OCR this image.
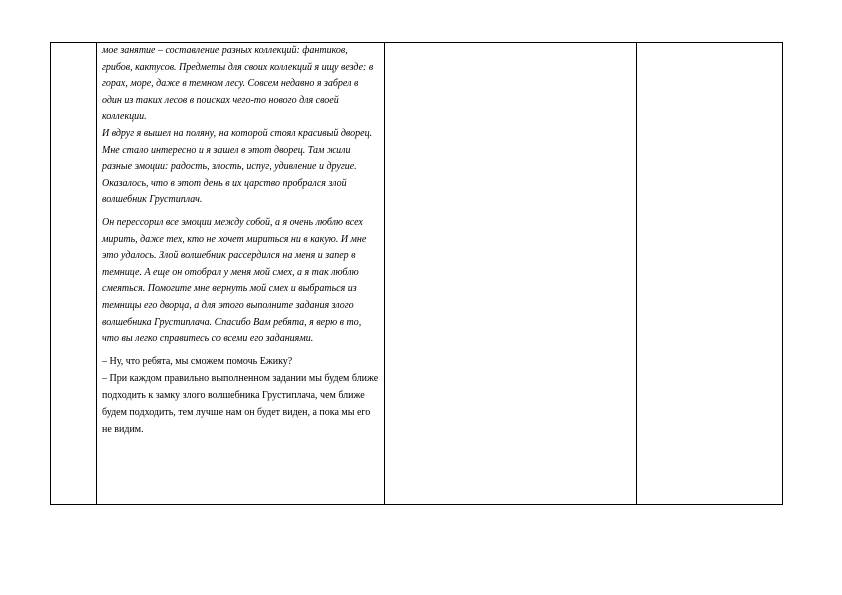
мое занятие – составление разных коллекций: фантиков, грибов, кактусов. Предметы для своих коллекций я ищу везде: в горах, море, даже в темном лесу. Совсем недавно я забрел в один из таких лесов в поисках чего-то нового для своей коллекции.

И вдруг я вышел на поляну, на которой стоял красивый дворец. Мне стало интересно и я зашел в этот дворец. Там жили разные эмоции: радость, злость, испуг, удивление и другие.

Оказалось, что в этот день в их царство пробрался злой волшебник Грустиплач.

Он перессорил все эмоции между собой, а я очень люблю всех мирить, даже тех, кто не хочет мириться ни в какую. И мне это удалось. Злой волшебник рассердился на меня и запер в темнице. А еще он отобрал у меня мой смех, а я так люблю смеяться. Помогите мне вернуть мой смех и выбраться из темницы его дворца, а для этого выполните задания злого волшебника Грустиплача. Спасибо Вам ребята, я верю в то, что вы легко справитесь со всеми его заданиями.

– Ну, что ребята, мы сможем помочь Ежику?

– При каждом правильно выполненном задании мы будем ближе подходить к замку злого волшебника Грустиплача, чем ближе будем подходить, тем лучше нам он будет виден, а пока мы его не видим.
